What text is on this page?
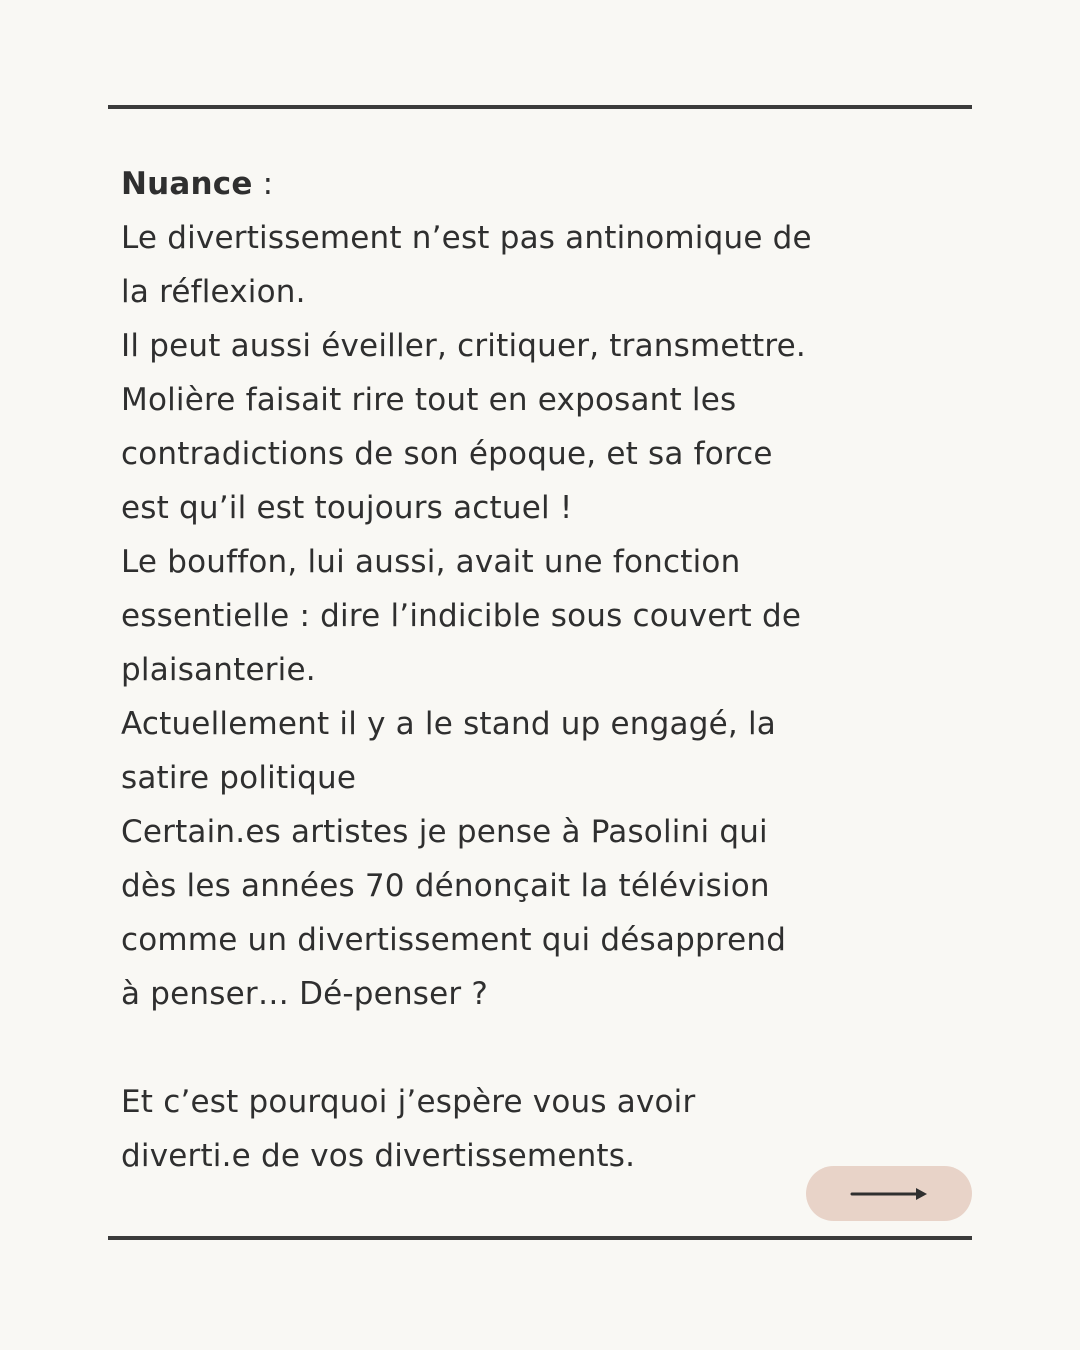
Nuance :
Le divertissement n’est pas antinomique de
la réflexion.
Il peut aussi éveiller, critiquer, transmettre.
Molière faisait rire tout en exposant les
contradictions de son époque, et sa force
est qu’il est toujours actuel !
Le bouffon, lui aussi, avait une fonction
essentielle : dire l’indicible sous couvert de
plaisanterie.
Actuellement il y a le stand up engagé, la
satire politique
Certain.es artistes je pense à Pasolini qui
dès les années 70 dénonçait la télévision
comme un divertissement qui désapprend
à penser… Dé-penser ?
Et c’est pourquoi j’espère vous avoir
diverti.e de vos divertissements.
